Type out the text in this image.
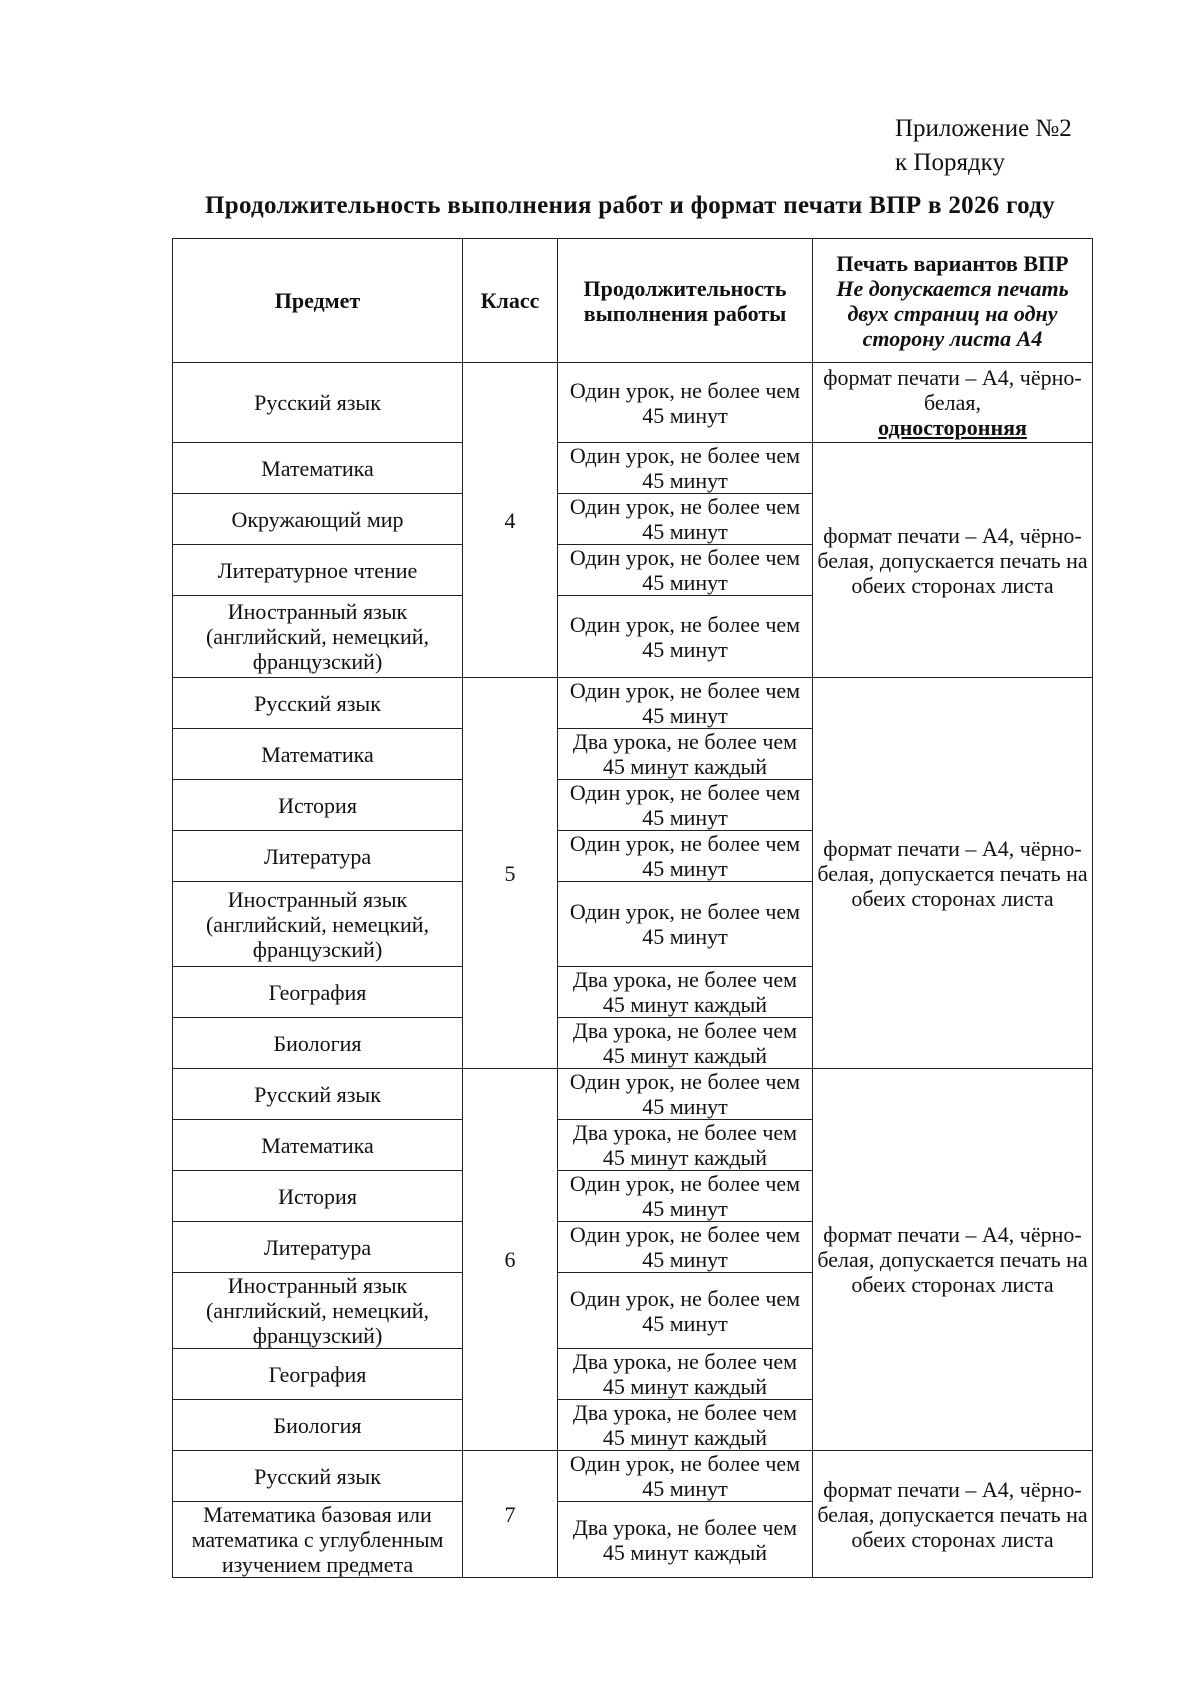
Приложение №2
к Порядку
Продолжительность выполнения работ и формат печати ВПР в 2026 году
Предмет	Класс	Продолжительность выполнения работы	Печать вариантов ВПР
Не допускается печать двух страниц на одну сторону листа А4

Русский язык	4	Один урок, не более чем 45 минут	формат печати – А4, чёрно-белая,
односторонняя
Математика		Один урок, не более чем 45 минут	формат печати – А4, чёрно- белая, допускается печать на обеих сторонах листа
Окружающий мир		Один урок, не более чем 45 минут	
Литературное чтение		Один урок, не более чем 45 минут	
Иностранный язык (английский, немецкий, французский)		Один урок, не более чем 45 минут	
Русский язык	5	Один урок, не более чем 45 минут	формат печати – А4, чёрно- белая, допускается печать на обеих сторонах листа
Математика		Два урока, не более чем 45 минут каждый	
История		Один урок, не более чем 45 минут	
Литература		Один урок, не более чем 45 минут	
Иностранный язык (английский, немецкий, французский)		Один урок, не более чем 45 минут	
География		Два урока, не более чем 45 минут каждый	
Биология		Два урока, не более чем 45 минут каждый	
Русский язык	6	Один урок, не более чем 45 минут	формат печати – А4, чёрно- белая, допускается печать на обеих сторонах листа
Математика		Два урока, не более чем 45 минут каждый	
История		Один урок, не более чем 45 минут	
Литература		Один урок, не более чем 45 минут	
Иностранный язык (английский, немецкий, французский)		Один урок, не более чем 45 минут	
География		Два урока, не более чем 45 минут каждый	
Биология		Два урока, не более чем 45 минут каждый	
Русский язык	7	Один урок, не более чем 45 минут	формат печати – А4, чёрно- белая, допускается печать на обеих сторонах листа
Математика базовая или математика с углубленным изучением предмета		Два урока, не более чем 45 минут каждый	
